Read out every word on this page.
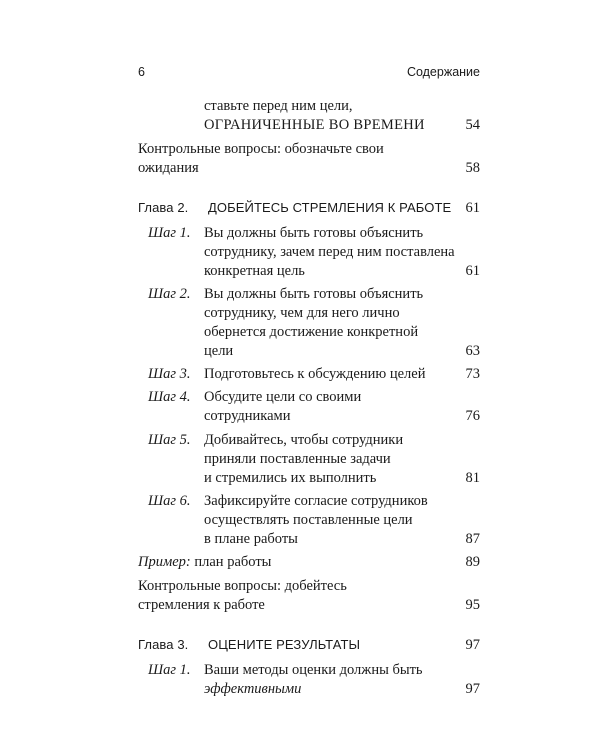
6	Содержание
ставьте перед ним цели,
ОГРАНИЧЕННЫЕ ВО ВРЕМЕНИ	54
Контрольные вопросы: обозначьте свои
ожидания	58
Глава 2. ДОБЕЙТЕСЬ СТРЕМЛЕНИЯ К РАБОТЕ 61
Шаг 1. Вы должны быть готовы объяснить
сотруднику, зачем перед ним поставлена
конкретная цель	61
Шаг 2. Вы должны быть готовы объяснить
сотруднику, чем для него лично
обернется достижение конкретной
цели	63
Шаг 3. Подготовьтесь к обсуждению целей	73
Шаг 4. Обсудите цели со своими
сотрудниками	76
Шаг 5. Добивайтесь, чтобы сотрудники
приняли поставленные задачи
и стремились их выполнить	81
Шаг 6. Зафиксируйте согласие сотрудников
осуществлять поставленные цели
в плане работы	87
Пример: план работы	89
Контрольные вопросы: добейтесь
стремления к работе	95
Глава 3. ОЦЕНИТЕ РЕЗУЛЬТАТЫ	97
Шаг 1. Ваши методы оценки должны быть
эффективными	97
